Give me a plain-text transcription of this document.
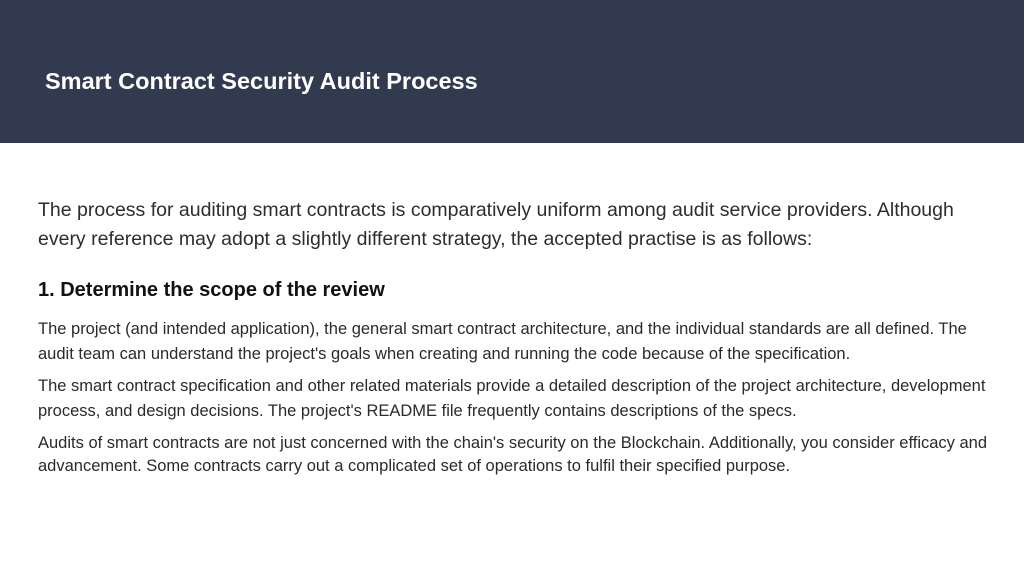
Smart Contract Security Audit Process

The process for auditing smart contracts is comparatively uniform among audit service providers. Although every reference may adopt a slightly different strategy, the accepted practise is as follows:

1. Determine the scope of the review

The project (and intended application), the general smart contract architecture, and the individual standards are all defined. The audit team can understand the project's goals when creating and running the code because of the specification.

The smart contract specification and other related materials provide a detailed description of the project architecture, development process, and design decisions. The project's README file frequently contains descriptions of the specs.

Audits of smart contracts are not just concerned with the chain's security on the Blockchain. Additionally, you consider efficacy and advancement. Some contracts carry out a complicated set of operations to fulfil their specified purpose.
